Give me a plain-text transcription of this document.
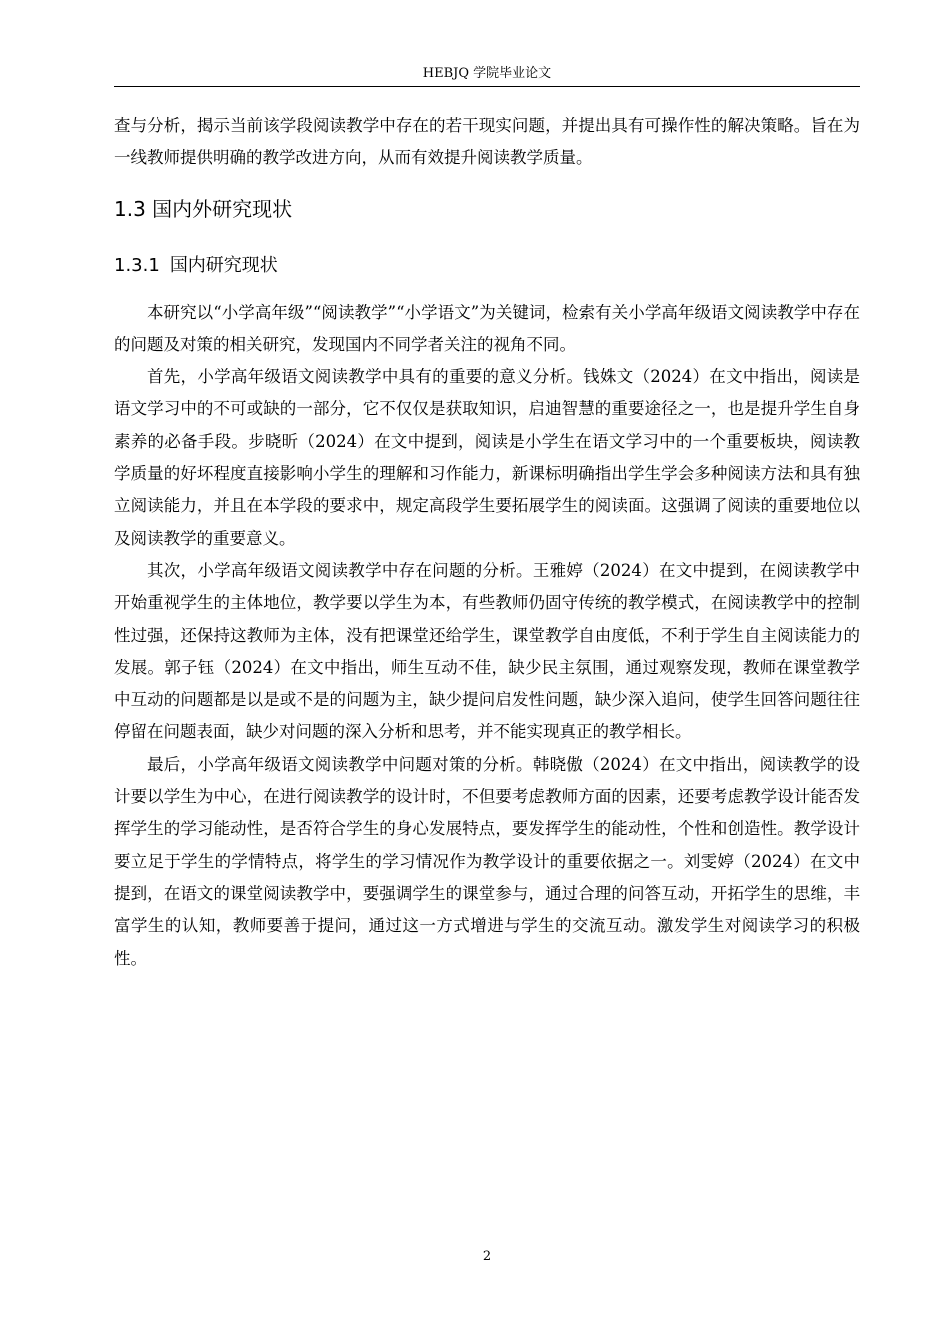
HEBJQ 学院毕业论文

查与分析，揭示当前该学段阅读教学中存在的若干现实问题，并提出具有可操作性的解决策略。旨在为一线教师提供明确的教学改进方向，从而有效提升阅读教学质量。

1.3 国内外研究现状
1.3.1 国内研究现状

本研究以“小学高年级”“阅读教学”“小学语文”为关键词，检索有关小学高年级语文阅读教学中存在的问题及对策的相关研究，发现国内不同学者关注的视角不同。

首先，小学高年级语文阅读教学中具有的重要的意义分析。钱姝文（2024）在文中指出，阅读是语文学习中的不可或缺的一部分，它不仅仅是获取知识，启迪智慧的重要途径之一，也是提升学生自身素养的必备手段。步晓昕（2024）在文中提到，阅读是小学生在语文学习中的一个重要板块，阅读教学质量的好坏程度直接影响小学生的理解和习作能力，新课标明确指出学生学会多种阅读方法和具有独立阅读能力，并且在本学段的要求中，规定高段学生要拓展学生的阅读面。这强调了阅读的重要地位以及阅读教学的重要意义。

其次，小学高年级语文阅读教学中存在问题的分析。王雅婷（2024）在文中提到，在阅读教学中开始重视学生的主体地位，教学要以学生为本，有些教师仍固守传统的教学模式，在阅读教学中的控制性过强，还保持这教师为主体，没有把课堂还给学生，课堂教学自由度低，不利于学生自主阅读能力的发展。郭子钰（2024）在文中指出，师生互动不佳，缺少民主氛围，通过观察发现，教师在课堂教学中互动的问题都是以是或不是的问题为主，缺少提问启发性问题，缺少深入追问，使学生回答问题往往停留在问题表面，缺少对问题的深入分析和思考，并不能实现真正的教学相长。

最后，小学高年级语文阅读教学中问题对策的分析。韩晓傲（2024）在文中指出，阅读教学的设计要以学生为中心，在进行阅读教学的设计时，不但要考虑教师方面的因素，还要考虑教学设计能否发挥学生的学习能动性，是否符合学生的身心发展特点，要发挥学生的能动性，个性和创造性。教学设计要立足于学生的学情特点，将学生的学习情况作为教学设计的重要依据之一。刘雯婷（2024）在文中提到，在语文的课堂阅读教学中，要强调学生的课堂参与，通过合理的问答互动，开拓学生的思维，丰富学生的认知，教师要善于提问，通过这一方式增进与学生的交流互动。激发学生对阅读学习的积极性。

2
